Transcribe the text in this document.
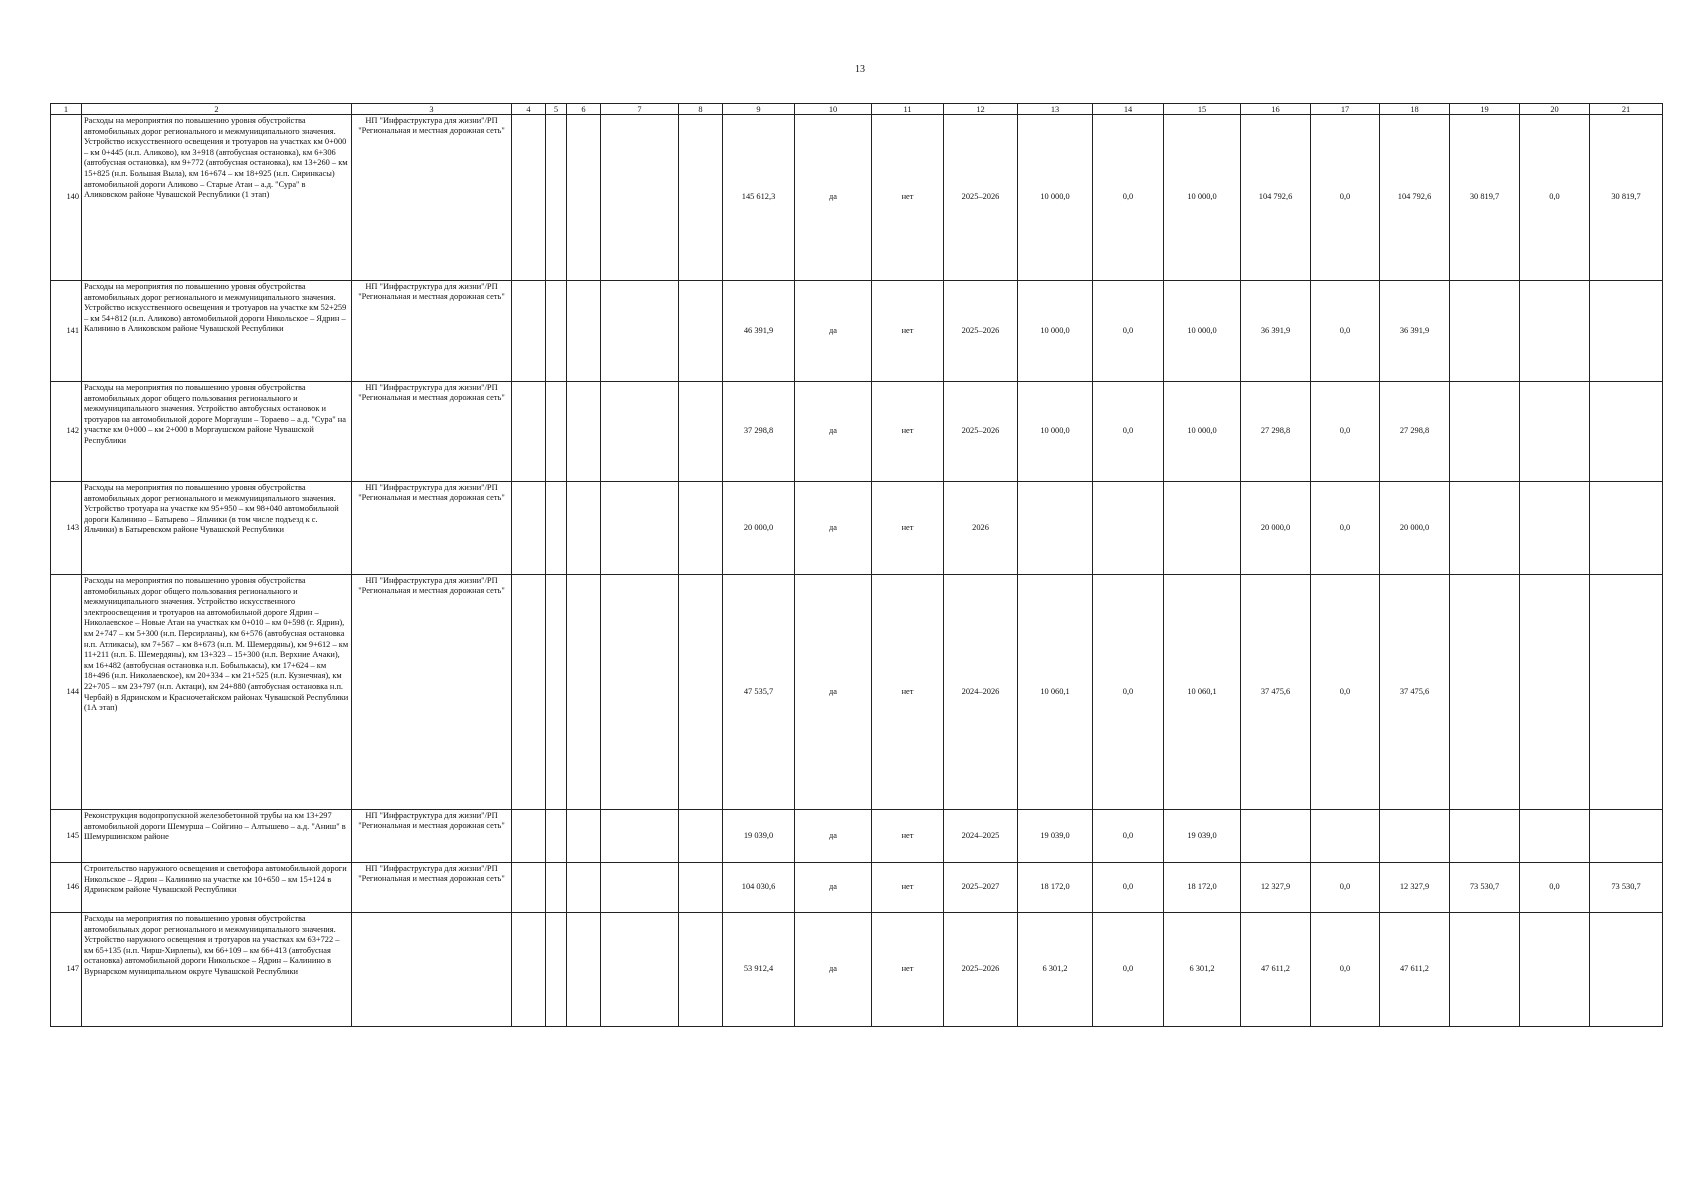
13
1	2	3	4	5	6	7	8	9	10	11	12	13	14	15	16	17	18	19	20	21
140	Расходы на мероприятия по повышению уровня обустройства автомобильных дорог регионального и межмуниципального значения. Устройство искусственного освещения и тротуаров на участках км 0+000 – км 0+445 (н.п. Аликово), км 3+918 (автобусная остановка), км 6+306 (автобусная остановка), км 9+772 (автобусная остановка), км 13+260 – км 15+825 (н.п. Большая Выла), км 16+674 – км 18+925 (н.п. Сиринкасы) автомобильной дороги Аликово – Старые Атаи – а.д. "Сура" в Аликовском районе Чувашской Республики (1 этап)	НП "Инфраструктура для жизни"/РП "Региональная и местная дорожная сеть"						145 612,3	да	нет	2025–2026	10 000,0	0,0	10 000,0	104 792,6	0,0	104 792,6	30 819,7	0,0	30 819,7
141	Расходы на мероприятия по повышению уровня обустройства автомобильных дорог регионального и межмуниципального значения. Устройство искусственного освещения и тротуаров на участке км 52+259 – км 54+812 (н.п. Аликово) автомобильной дороги Никольское – Ядрин – Калинино в Аликовском районе Чувашской Республики	НП "Инфраструктура для жизни"/РП "Региональная и местная дорожная сеть"						46 391,9	да	нет	2025–2026	10 000,0	0,0	10 000,0	36 391,9	0,0	36 391,9			
142	Расходы на мероприятия по повышению уровня обустройства автомобильных дорог общего пользования регионального и межмуниципального значения. Устройство автобусных остановок и тротуаров на автомобильной дороге Моргауши – Тораево – а.д. "Сура" на участке км 0+000 – км 2+000 в Моргаушском районе Чувашской Республики	НП "Инфраструктура для жизни"/РП "Региональная и местная дорожная сеть"						37 298,8	да	нет	2025–2026	10 000,0	0,0	10 000,0	27 298,8	0,0	27 298,8			
143	Расходы на мероприятия по повышению уровня обустройства автомобильных дорог регионального и межмуниципального значения. Устройство тротуара на участке км 95+950 – км 98+040 автомобильной дороги Калинино – Батырево – Яльчики (в том числе подъезд к с. Яльчики) в Батыревском районе Чувашской Республики	НП "Инфраструктура для жизни"/РП "Региональная и местная дорожная сеть"						20 000,0	да	нет	2026				20 000,0	0,0	20 000,0			
144	Расходы на мероприятия по повышению уровня обустройства автомобильных дорог общего пользования регионального и межмуниципального значения. Устройство искусственного электроосвещения и тротуаров на автомобильной дороге Ядрин – Николаевское – Новые Атаи на участках км 0+010 – км 0+598 (г. Ядрин), км 2+747 – км 5+300 (н.п. Персирланы), км 6+576 (автобусная остановка н.п. Атликасы), км 7+567 – км 8+673 (н.п. М. Шемердяны), км 9+612 – км 11+211 (н.п. Б. Шемердяны), км 13+323 – 15+300 (н.п. Верхние Ачаки), км 16+482 (автобусная остановка н.п. Бобылькасы), км 17+624 – км 18+496 (н.п. Николаевское), км 20+334 – км 21+525 (н.п. Кузнечная), км 22+705 – км 23+797 (н.п. Актаци), км 24+880 (автобусная остановка н.п. Чербай) в Ядринском и Красночетайском районах Чувашской Республики (1А этап)	НП "Инфраструктура для жизни"/РП "Региональная и местная дорожная сеть"						47 535,7	да	нет	2024–2026	10 060,1	0,0	10 060,1	37 475,6	0,0	37 475,6			
145	Реконструкция водопропускной железобетонной трубы на км 13+297 автомобильной дороги Шемурша – Сойгино – Алтышево – а.д. "Аниш" в Шемуршинском районе	НП "Инфраструктура для жизни"/РП "Региональная и местная дорожная сеть"						19 039,0	да	нет	2024–2025	19 039,0	0,0	19 039,0						
146	Строительство наружного освещения и светофора автомобильной дороги Никольское – Ядрин – Калинино на участке км 10+650 – км 15+124 в Ядринском районе Чувашской Республики	НП "Инфраструктура для жизни"/РП "Региональная и местная дорожная сеть"						104 030,6	да	нет	2025–2027	18 172,0	0,0	18 172,0	12 327,9	0,0	12 327,9	73 530,7	0,0	73 530,7
147	Расходы на мероприятия по повышению уровня обустройства автомобильных дорог регионального и межмуниципального значения. Устройство наружного освещения и тротуаров на участках км 63+722 – км 65+135 (н.п. Чирш-Хирлепы), км 66+109 – км 66+413 (автобусная остановка) автомобильной дороги Никольское – Ядрин – Калинино в Вурнарском муниципальном округе Чувашской Республики							53 912,4	да	нет	2025–2026	6 301,2	0,0	6 301,2	47 611,2	0,0	47 611,2			
